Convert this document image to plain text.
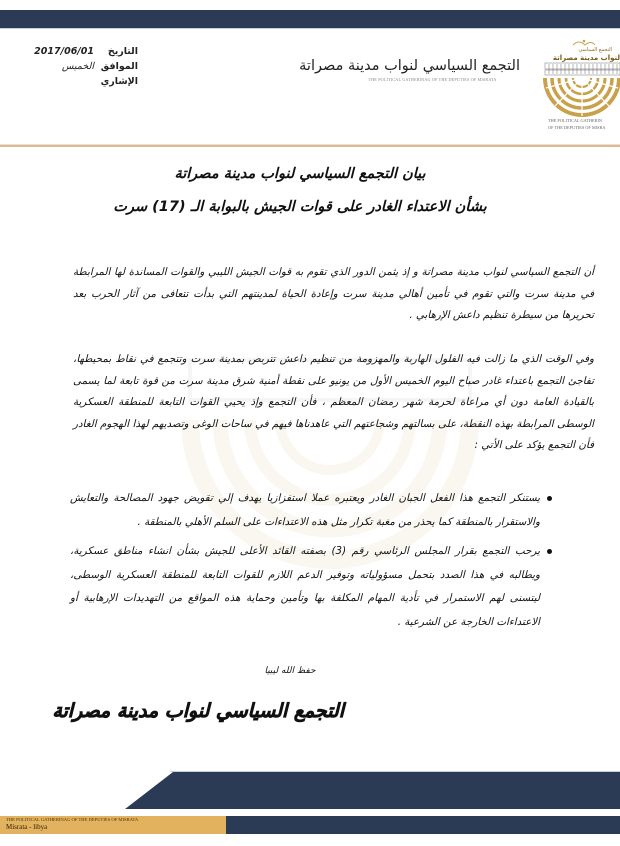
التاريخ
2017/06/01
الموافق
الخميس
الإشاري
التجمع السياسي لنواب مدينة مصراتة
THE POLITICAL GATHERINAG OF THE DEPUTIES OF MISRATA
التجمع السياسي
لنواب مدينة مصراتة
THE POLITICAL GATHERIN
OF THE DEPUTIES OF MISRA
بيان التجمع السياسي لنواب مدينة مصراتة
بشأن الاعتداء الغادر على قوات الجيش بالبوابة الـ (17) سرت

أن التجمع السياسي لنواب مدينة مصراتة و إذ يثمن الدور الذي تقوم به قوات الجيش الليبي والقوات المساندة لها المرابطة في مدينة سرت والتي تقوم في تأمين أهالي مدينة سرت وإعادة الحياة لمدينتهم التي بدأت تتعافى من آثار الحرب بعد تحريرها من سيطرة تنظيم داعش الإرهابي .

وفي الوقت الذي ما زالت فيه الفلول الهاربة والمهزومة من تنظيم داعش تتربص بمدينة سرت وتتجمع في نقاط بمحيطها، تفاجئ التجمع باعتداء غادر صباح اليوم الخميس الأول من يونيو على نقطة أمنية شرق مدينة سرت من قوة تابعة لما يسمى بالقيادة العامة دون أي مراعاة لحرمة شهر رمضان المعظم ، فأن التجمع وإذ يحيي القوات التابعة للمنطقة العسكرية الوسطى المرابطة بهذه النقطة، على بسالتهم وشجاعتهم التي عاهدناها فيهم في ساحات الوغى وتصديهم لهذا الهجوم الغادر فأن التجمع يؤكد على الأتي :

يستنكر التجمع هذا الفعل الجبان الغادر ويعتبره عملا استفزازيا يهدف إلي تقويض جهود المصالحة والتعايش والاستقرار بالمنطقة كما يحذر من مغبة تكرار مثل هذه الاعتداءات على السلم الأهلي بالمنطقة .
يرحب التجمع بقرار المجلس الرئاسي رقم (3) بصفته القائد الأعلى للجيش بشأن انشاء مناطق عسكرية، ويطالبه في هذا الصدد بتحمل مسؤولياته وتوفير الدعم اللازم للقوات التابعة للمنطقة العسكرية الوسطى، ليتسنى لهم الاستمرار في تأدية المهام المكلفة بها وتأمين وحماية هذه المواقع من التهديدات الإرهابية أو الاعتداءات الخارجة عن الشرعية .
حفظ الله ليبيا
التجمع السياسي لنواب مدينة مصراتة
THE POLITICAL GATHERINAG OF THE DEPUTIES OF MISRATA
Misrata - libya
